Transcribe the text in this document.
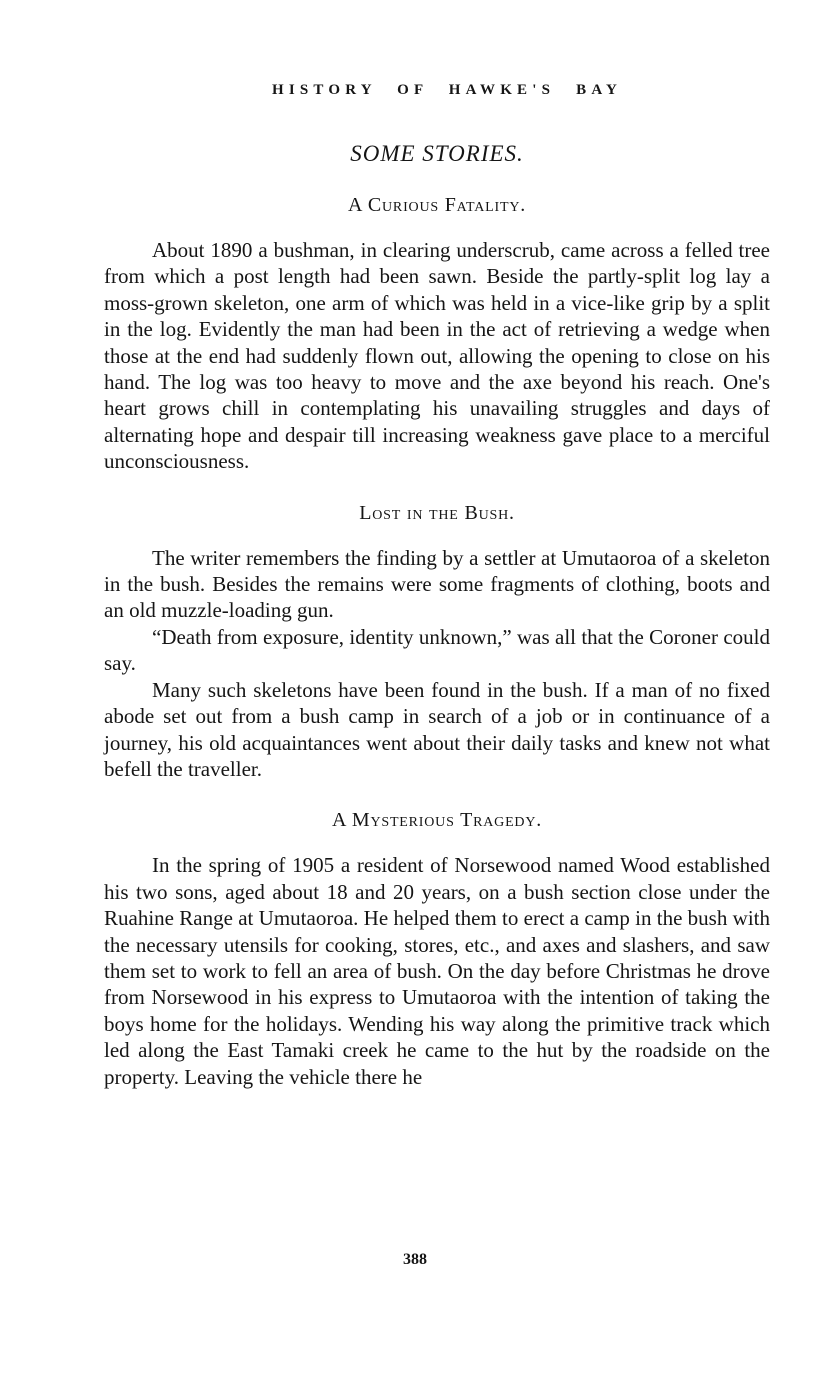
HISTORY OF HAWKE'S BAY
SOME STORIES.
A Curious Fatality.

About 1890 a bushman, in clearing underscrub, came across a felled tree from which a post length had been sawn. Beside the partly-split log lay a moss-grown skeleton, one arm of which was held in a vice-like grip by a split in the log. Evidently the man had been in the act of retrieving a wedge when those at the end had suddenly flown out, allowing the opening to close on his hand. The log was too heavy to move and the axe beyond his reach. One's heart grows chill in contemplating his unavailing struggles and days of alternating hope and despair till increasing weakness gave place to a merciful unconsciousness.

Lost in the Bush.

The writer remembers the finding by a settler at Umutaoroa of a skeleton in the bush. Besides the remains were some fragments of clothing, boots and an old muzzle-loading gun.

“Death from exposure, identity unknown,” was all that the Coroner could say.

Many such skeletons have been found in the bush. If a man of no fixed abode set out from a bush camp in search of a job or in continuance of a journey, his old acquaintances went about their daily tasks and knew not what befell the traveller.

A Mysterious Tragedy.

In the spring of 1905 a resident of Norsewood named Wood established his two sons, aged about 18 and 20 years, on a bush section close under the Ruahine Range at Umutaoroa. He helped them to erect a camp in the bush with the necessary utensils for cooking, stores, etc., and axes and slashers, and saw them set to work to fell an area of bush. On the day before Christmas he drove from Norsewood in his express to Umutaoroa with the intention of taking the boys home for the holidays. Wending his way along the primitive track which led along the East Tamaki creek he came to the hut by the roadside on the property. Leaving the vehicle there he

388
